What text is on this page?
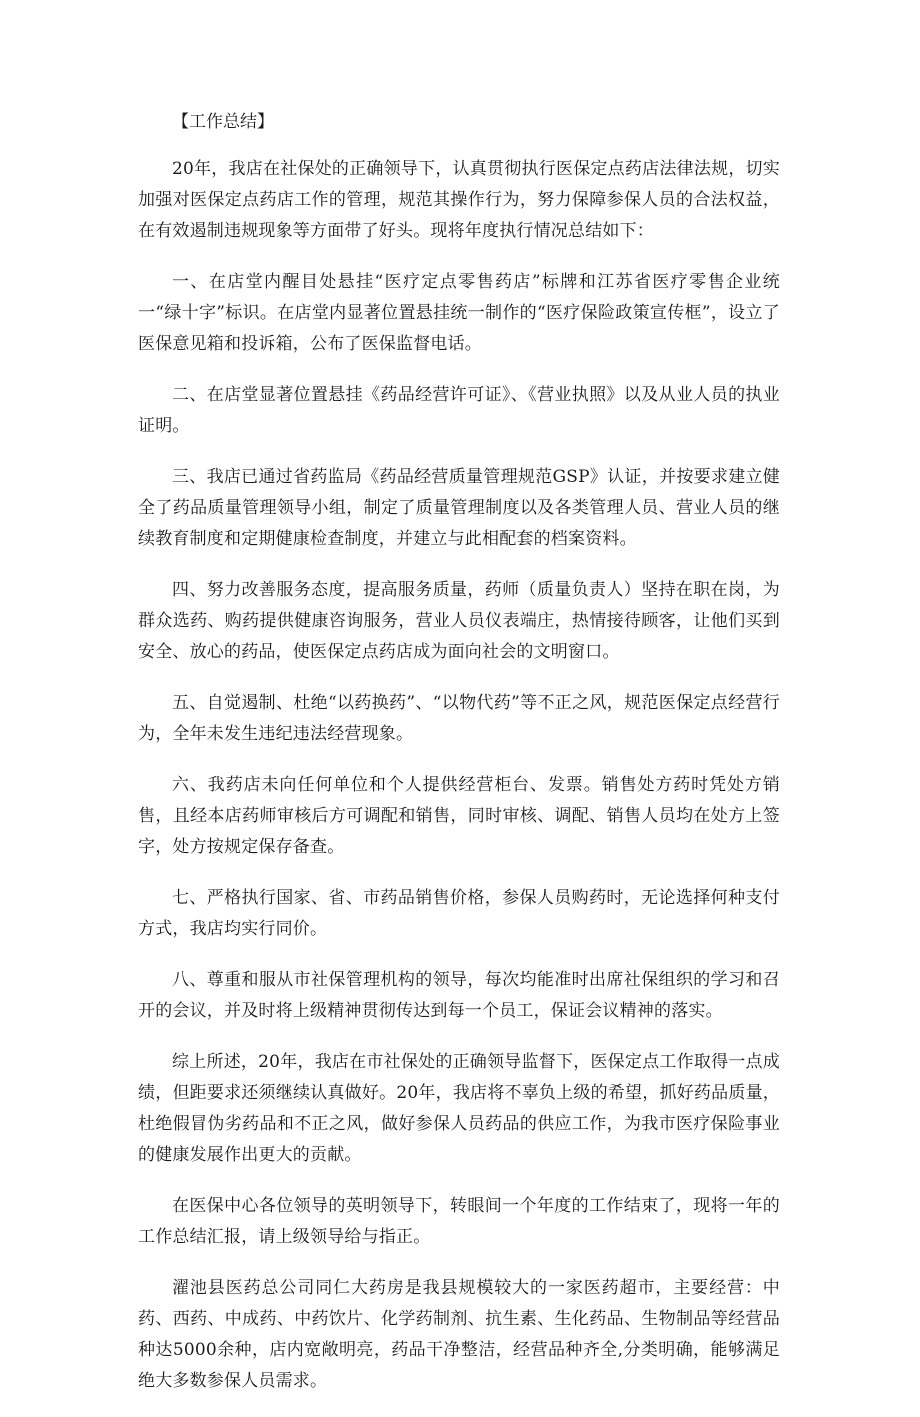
【工作总结】

20年，我店在社保处的正确领导下，认真贯彻执行医保定点药店法律法规，切实加强对医保定点药店工作的管理，规范其操作行为，努力保障参保人员的合法权益，在有效遏制违规现象等方面带了好头。现将年度执行情况总结如下：

一、在店堂内醒目处悬挂“医疗定点零售药店”标牌和江苏省医疗零售企业统一“绿十字”标识。在店堂内显著位置悬挂统一制作的“医疗保险政策宣传框”，设立了医保意见箱和投诉箱，公布了医保监督电话。

二、在店堂显著位置悬挂《药品经营许可证》、《营业执照》以及从业人员的执业证明。

三、我店已通过省药监局《药品经营质量管理规范GSP》认证，并按要求建立健全了药品质量管理领导小组，制定了质量管理制度以及各类管理人员、营业人员的继续教育制度和定期健康检查制度，并建立与此相配套的档案资料。

四、努力改善服务态度，提高服务质量，药师（质量负责人）坚持在职在岗，为群众选药、购药提供健康咨询服务，营业人员仪表端庄，热情接待顾客，让他们买到安全、放心的药品，使医保定点药店成为面向社会的文明窗口。

五、自觉遏制、杜绝“以药换药”、“以物代药”等不正之风，规范医保定点经营行为，全年未发生违纪违法经营现象。

六、我药店未向任何单位和个人提供经营柜台、发票。销售处方药时凭处方销售，且经本店药师审核后方可调配和销售，同时审核、调配、销售人员均在处方上签字，处方按规定保存备查。

七、严格执行国家、省、市药品销售价格，参保人员购药时，无论选择何种支付方式，我店均实行同价。

八、尊重和服从市社保管理机构的领导，每次均能准时出席社保组织的学习和召开的会议，并及时将上级精神贯彻传达到每一个员工，保证会议精神的落实。

综上所述，20年，我店在市社保处的正确领导监督下，医保定点工作取得一点成绩，但距要求还须继续认真做好。20年，我店将不辜负上级的希望，抓好药品质量，杜绝假冒伪劣药品和不正之风，做好参保人员药品的供应工作，为我市医疗保险事业的健康发展作出更大的贡献。

在医保中心各位领导的英明领导下，转眼间一个年度的工作结束了，现将一年的工作总结汇报，请上级领导给与指正。

濯池县医药总公司同仁大药房是我县规模较大的一家医药超市，主要经营：中药、西药、中成药、中药饮片、化学药制剂、抗生素、生化药品、生物制品等经营品种达5000余种，店内宽敞明亮，药品干净整洁，经营品种齐全,分类明确，能够满足绝大多数参保人员需求。
